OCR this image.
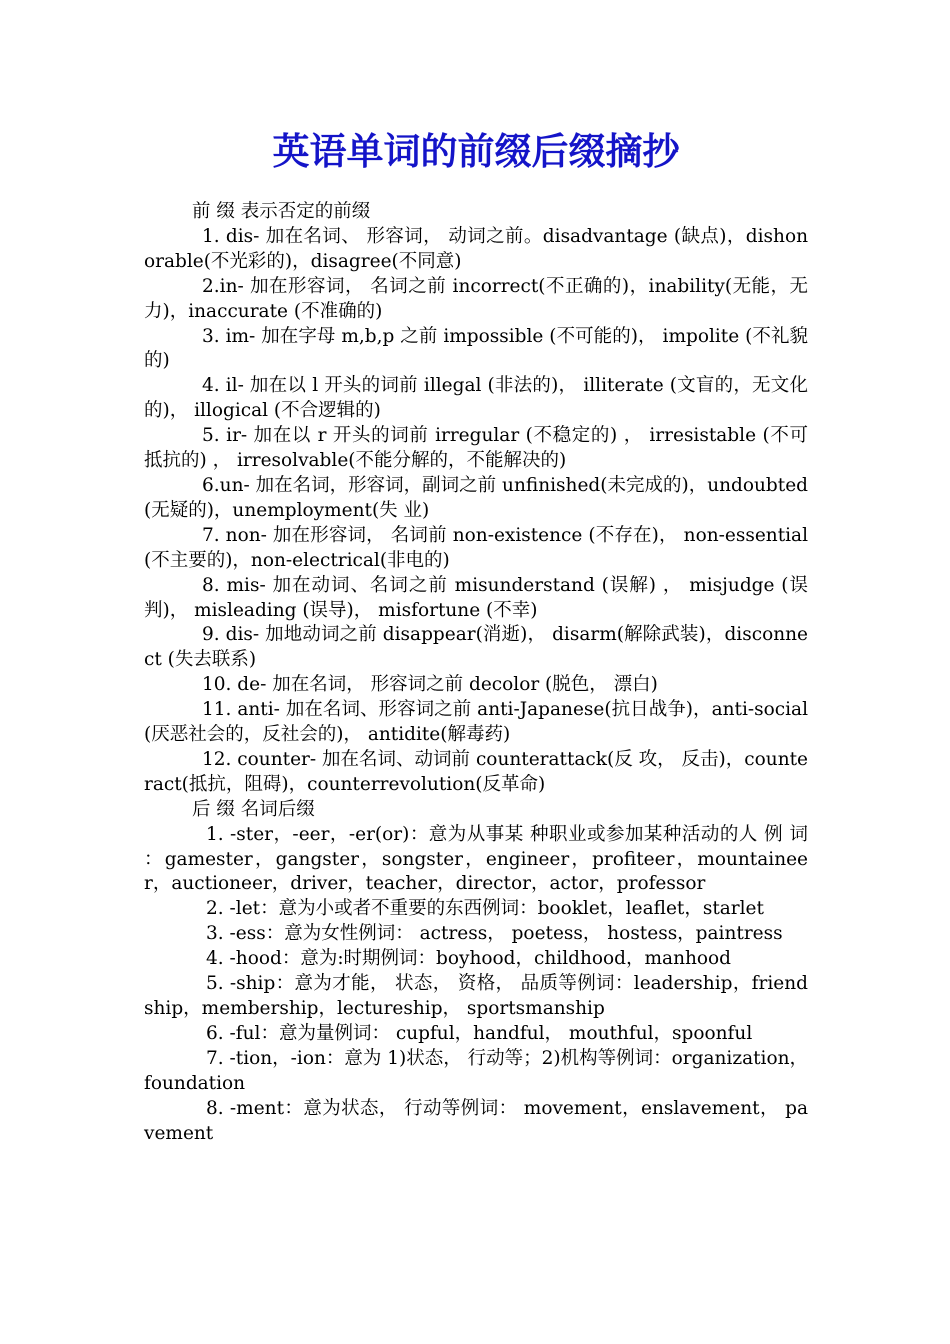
英语单词的前缀后缀摘抄
前 缀 表示否定的前缀
1. dis- 加在名词、 形容词， 动词之前。disadvantage (缺点)，dishonorable(不光彩的)，disagree(不同意)
2.in- 加在形容词， 名词之前 incorrect(不正确的)，inability(无能，无力)，inaccurate (不准确的)
3. im- 加在字母 m,b,p 之前 impossible (不可能的)， impolite (不礼貌的)
4. il- 加在以 l 开头的词前 illegal (非法的)， illiterate (文盲的，无文化的)， illogical (不合逻辑的)
5. ir- 加在以 r 开头的词前 irregular (不稳定的) ， irresistable (不可抵抗的) ， irresolvable(不能分解的，不能解决的)
6.un- 加在名词，形容词，副词之前 unfinished(未完成的)，undoubted(无疑的)，unemployment(失 业)
7. non- 加在形容词， 名词前 non-existence (不存在)， non-essential (不主要的)，non-electrical(非电的)
8. mis- 加在动词、名词之前 misunderstand (误解) ， misjudge (误判)， misleading (误导)， misfortune (不幸)
9. dis- 加地动词之前 disappear(消逝)， disarm(解除武装)，disconnect (失去联系)
10. de- 加在名词， 形容词之前 decolor (脱色， 漂白)
11. anti- 加在名词、形容词之前 anti-Japanese(抗日战争)，anti-social(厌恶社会的，反社会的)， antidite(解毒药)
12. counter- 加在名词、动词前 counterattack(反 攻， 反击)，counteract(抵抗，阻碍)，counterrevolution(反革命)
后 缀 名词后缀
1. -ster，-eer，-er(or)：意为从事某 种职业或参加某种活动的人 例 词 ：gamester，gangster，songster，engineer，profiteer，mountaineer，auctioneer，driver，teacher，director，actor，professor
2. -let：意为小或者不重要的东西例词：booklet，leaflet，starlet
3. -ess：意为女性例词： actress， poetess， hostess，paintress
4. -hood：意为:时期例词：boyhood，childhood，manhood
5. -ship：意为才能， 状态， 资格， 品质等例词：leadership，friendship，membership，lectureship， sportsmanship
6. -ful：意为量例词： cupful，handful， mouthful，spoonful
7. -tion，-ion：意为 1)状态， 行动等；2)机构等例词：organization， foundation
8. -ment：意为状态， 行动等例词： movement，enslavement， pavement
